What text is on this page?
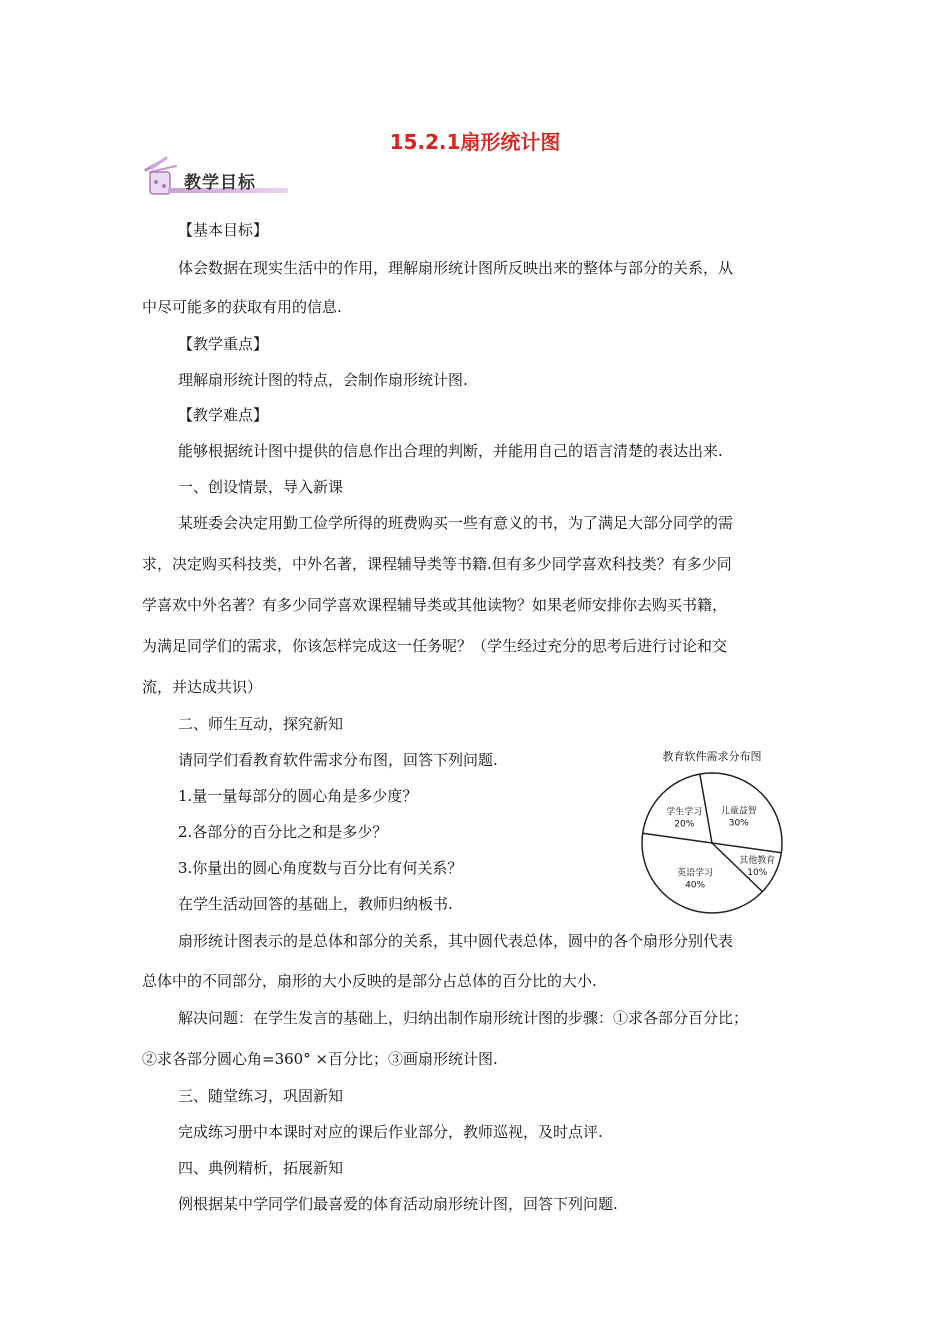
15.2.1扇形统计图
教学目标
【基本目标】
体会数据在现实生活中的作用，理解扇形统计图所反映出来的整体与部分的关系，从
中尽可能多的获取有用的信息.
【教学重点】
理解扇形统计图的特点，会制作扇形统计图.
【教学难点】
能够根据统计图中提供的信息作出合理的判断，并能用自己的语言清楚的表达出来.
一、创设情景，导入新课
某班委会决定用勤工俭学所得的班费购买一些有意义的书，为了满足大部分同学的需
求，决定购买科技类，中外名著，课程辅导类等书籍.但有多少同学喜欢科技类？有多少同
学喜欢中外名著？有多少同学喜欢课程辅导类或其他读物？如果老师安排你去购买书籍，
为满足同学们的需求，你该怎样完成这一任务呢？（学生经过充分的思考后进行讨论和交
流，并达成共识）
二、师生互动，探究新知
请同学们看教育软件需求分布图，回答下列问题.
1.量一量每部分的圆心角是多少度？
2.各部分的百分比之和是多少？
3.你量出的圆心角度数与百分比有何关系？
在学生活动回答的基础上，教师归纳板书.
扇形统计图表示的是总体和部分的关系，其中圆代表总体，圆中的各个扇形分别代表
总体中的不同部分，扇形的大小反映的是部分占总体的百分比的大小.
解决问题：在学生发言的基础上，归纳出制作扇形统计图的步骤：①求各部分百分比；
②求各部分圆心角=360° ×百分比；③画扇形统计图.
三、随堂练习，巩固新知
完成练习册中本课时对应的课后作业部分，教师巡视，及时点评.
四、典例精析，拓展新知
例根据某中学同学们最喜爱的体育活动扇形统计图，回答下列问题.
教育软件需求分布图
儿童益智
30%
其他教育
10%
英语学习
40%
学生学习
20%
